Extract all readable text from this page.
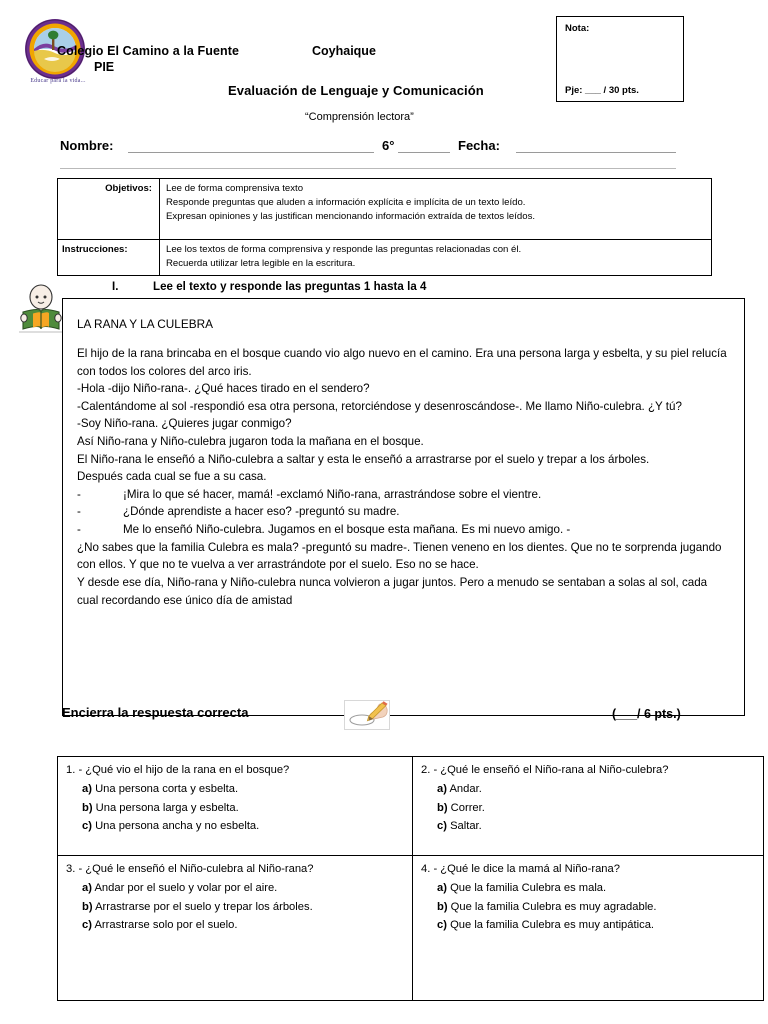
Educar para la vida...
Colegio El Camino a la Fuente
PIE
Coyhaique
Evaluación de Lenguaje y Comunicación
“Comprensión lectora”
Nota:
Pje: ___ / 30 pts.
Nombre:	6°	Fecha:
Objetivos:	Lee de forma comprensiva texto
Responde preguntas que aluden a información explícita e implícita de un texto leído.
Expresan opiniones y las justifican mencionando información extraída de textos leídos.

Instrucciones:	Lee los textos de forma comprensiva y responde las preguntas relacionadas con él.
Recuerda utilizar letra legible en la escritura.
I.	Lee el texto y responde las preguntas 1 hasta la 4
LA RANA Y LA CULEBRA

El hijo de la rana brincaba en el bosque cuando vio algo nuevo en el camino. Era una persona larga y esbelta, y su piel relucía con todos los colores del arco iris.

-Hola -dijo Niño-rana-. ¿Qué haces tirado en el sendero?

-Calentándome al sol -respondió esa otra persona, retorciéndose y desenroscándose-. Me llamo Niño-culebra. ¿Y tú?

-Soy Niño-rana. ¿Quieres jugar conmigo?

Así Niño-rana y Niño-culebra jugaron toda la mañana en el bosque.

El Niño-rana le enseñó a Niño-culebra a saltar y esta le enseñó a arrastrarse por el suelo y trepar a los árboles.

Después cada cual se fue a su casa.

-	¡Mira lo que sé hacer, mamá! -exclamó Niño-rana, arrastrándose sobre el vientre.
-	¿Dónde aprendiste a hacer eso? -preguntó su madre.
-	Me lo enseñó Niño-culebra. Jugamos en el bosque esta mañana. Es mi nuevo amigo. -

¿No sabes que la familia Culebra es mala? -preguntó su madre-. Tienen veneno en los dientes. Que no te sorprenda jugando con ellos. Y que no te vuelva a ver arrastrándote por el suelo. Eso no se hace.

Y desde ese día, Niño-rana y Niño-culebra nunca volvieron a jugar juntos. Pero a menudo se sentaban a solas al sol, cada cual recordando ese único día de amistad

Encierra la respuesta correcta	(___/ 6 pts.)

1. - ¿Qué vio el hijo de la rana en el bosque?

a) Una persona corta y esbelta.
b) Una persona larga y esbelta.
c) Una persona ancha y no esbelta.

2. - ¿Qué le enseñó el Niño-rana al Niño-culebra?

a) Andar.
b) Correr.
c) Saltar.

3. - ¿Qué le enseñó el Niño-culebra al Niño-rana?

a) Andar por el suelo y volar por el aire.
b) Arrastrarse por el suelo y trepar los árboles.
c) Arrastrarse solo por el suelo.

4. - ¿Qué le dice la mamá al Niño-rana?

a) Que la familia Culebra es mala.
b) Que la familia Culebra es muy agradable.
c) Que la familia Culebra es muy antipática.
